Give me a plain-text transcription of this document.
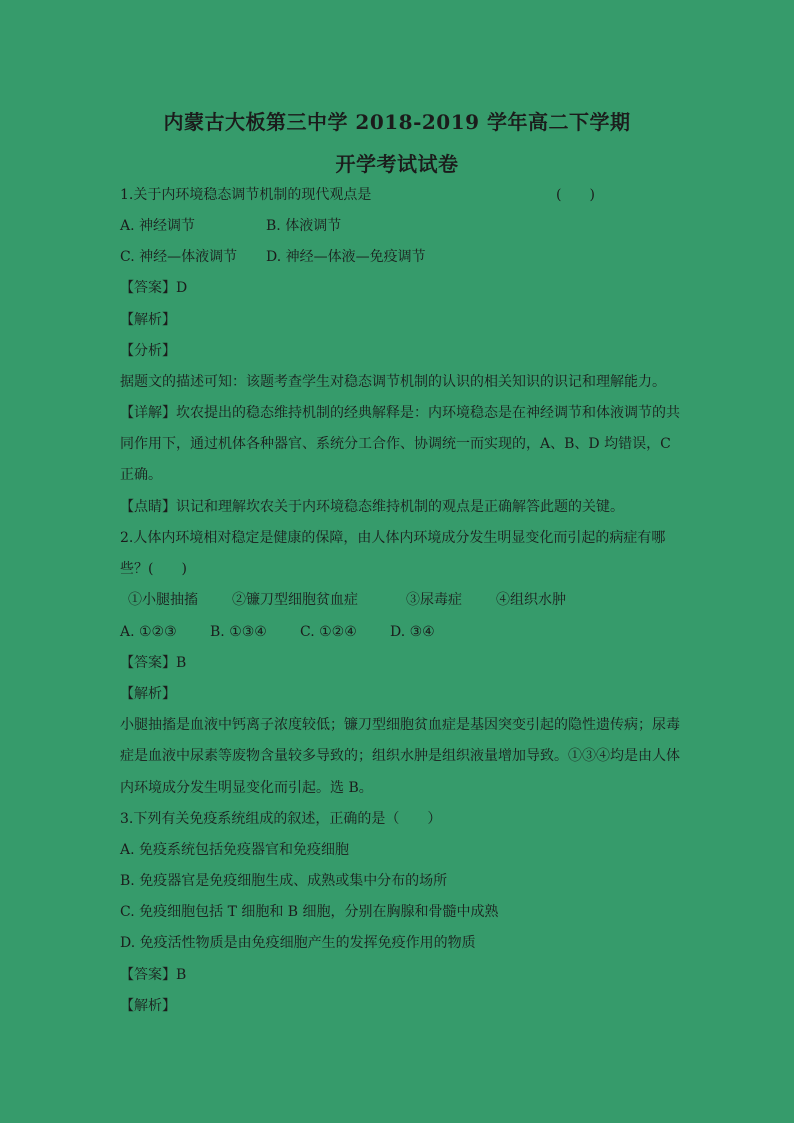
内蒙古大板第三中学 2018-2019 学年高二下学期
开学考试试卷
1.关于内环境稳态调节机制的现代观点是	(　　)
A. 神经调节	B. 体液调节
C. 神经—体液调节 D. 神经—体液—免疫调节
【答案】D
【解析】
【分析】
据题文的描述可知：该题考查学生对稳态调节机制的认识的相关知识的识记和理解能力。
【详解】坎农提出的稳态维持机制的经典解释是：内环境稳态是在神经调节和体液调节的共
同作用下，通过机体各种器官、系统分工合作、协调统一而实现的，A、B、D 均错误，C
正确。
【点睛】识记和理解坎农关于内环境稳态维持机制的观点是正确解答此题的关键。
2.人体内环境相对稳定是健康的保障，由人体内环境成分发生明显变化而引起的病症有哪
些？(　　)
①小腿抽搐 ②镰刀型细胞贫血症	③尿毒症 ④组织水肿
A. ①②③ B. ①③④ C. ①②④ D. ③④
【答案】B
【解析】
小腿抽搐是血液中钙离子浓度较低；镰刀型细胞贫血症是基因突变引起的隐性遗传病；尿毒
症是血液中尿素等废物含量较多导致的；组织水肿是组织液量增加导致。①③④均是由人体
内环境成分发生明显变化而引起。选 B。
3.下列有关免疫系统组成的叙述，正确的是（　　）
A. 免疫系统包括免疫器官和免疫细胞
B. 免疫器官是免疫细胞生成、成熟或集中分布的场所
C. 免疫细胞包括 T 细胞和 B 细胞，分别在胸腺和骨髓中成熟
D. 免疫活性物质是由免疫细胞产生的发挥免疫作用的物质
【答案】B
【解析】
